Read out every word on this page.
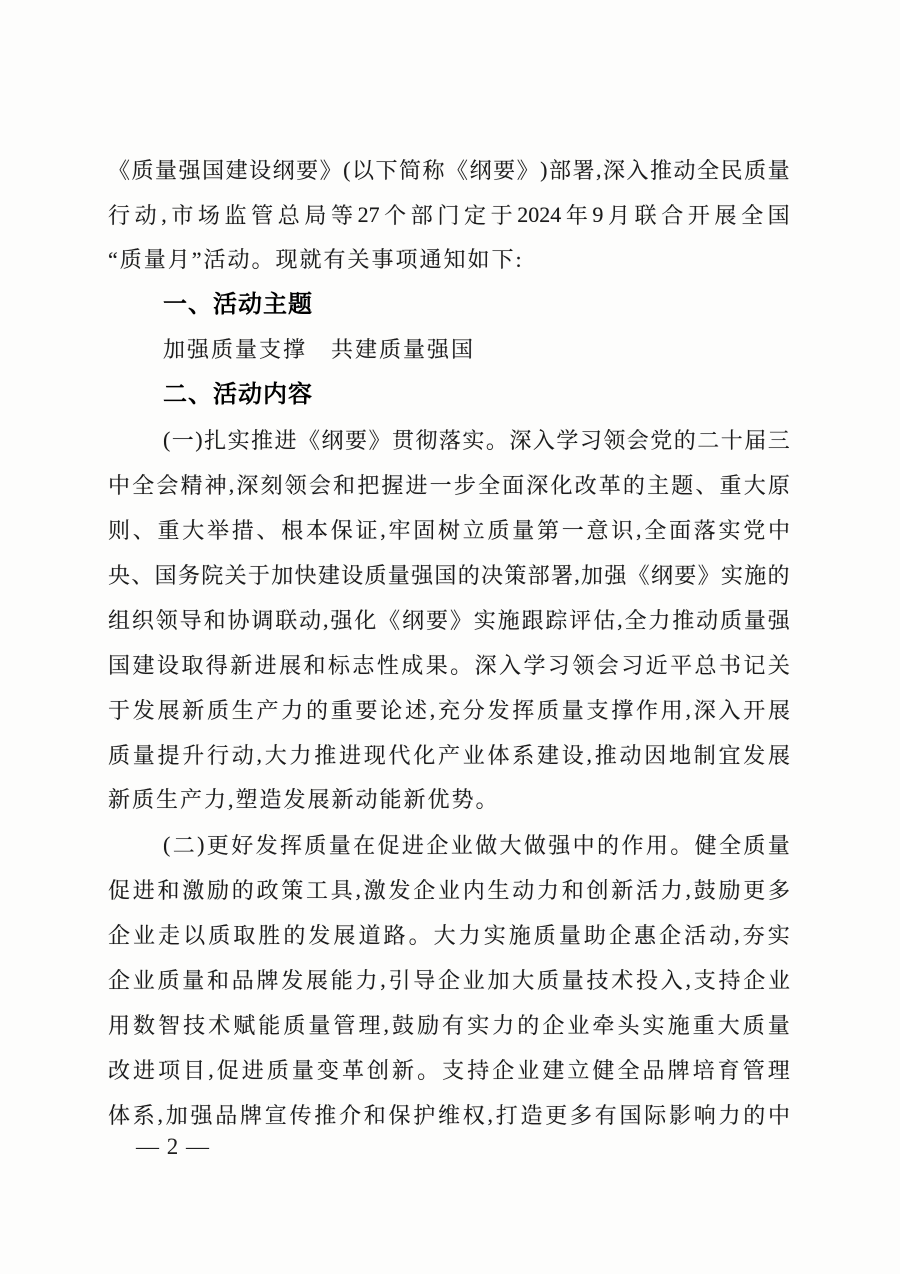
《 质 量 强 国 建 设 纲 要 》 ( 以 下 简 称 《 纲 要 》 ) 部 署 , 深 入 推 动 全 民 质 量
行 动 , 市 场 监 管 总 局 等 27 个 部 门 定 于 2024 年 9 月 联 合 开 展 全 国
“质量月”活动。现就有关事项通知如下:
一、活动主题
加强质量支撑　共建质量强国
二、活动内容
( 一 ) 扎 实 推 进 《 纲 要 》 贯 彻 落 实 。 深 入 学 习 领 会 党 的 二 十 届 三
中 全 会 精 神 , 深 刻 领 会 和 把 握 进 一 步 全 面 深 化 改 革 的 主 题 、 重 大 原
则 、 重 大 举 措 、 根 本 保 证 , 牢 固 树 立 质 量 第 一 意 识 , 全 面 落 实 党 中
央 、 国 务 院 关 于 加 快 建 设 质 量 强 国 的 决 策 部 署 , 加 强 《 纲 要 》 实 施 的
组 织 领 导 和 协 调 联 动 , 强 化 《 纲 要 》 实 施 跟 踪 评 估 , 全 力 推 动 质 量 强
国 建 设 取 得 新 进 展 和 标 志 性 成 果 。 深 入 学 习 领 会 习 近 平 总 书 记 关
于 发 展 新 质 生 产 力 的 重 要 论 述 , 充 分 发 挥 质 量 支 撑 作 用 , 深 入 开 展
质 量 提 升 行 动 , 大 力 推 进 现 代 化 产 业 体 系 建 设 , 推 动 因 地 制 宜 发 展
新质生产力,塑造发展新动能新优势。
( 二 ) 更 好 发 挥 质 量 在 促 进 企 业 做 大 做 强 中 的 作 用 。 健 全 质 量
促 进 和 激 励 的 政 策 工 具 , 激 发 企 业 内 生 动 力 和 创 新 活 力 , 鼓 励 更 多
企 业 走 以 质 取 胜 的 发 展 道 路 。 大 力 实 施 质 量 助 企 惠 企 活 动 , 夯 实
企 业 质 量 和 品 牌 发 展 能 力 , 引 导 企 业 加 大 质 量 技 术 投 入 , 支 持 企 业
用 数 智 技 术 赋 能 质 量 管 理 , 鼓 励 有 实 力 的 企 业 牵 头 实 施 重 大 质 量
改 进 项 目 , 促 进 质 量 变 革 创 新 。 支 持 企 业 建 立 健 全 品 牌 培 育 管 理
体 系 , 加 强 品 牌 宣 传 推 介 和 保 护 维 权 , 打 造 更 多 有 国 际 影 响 力 的 中
— 2 —
